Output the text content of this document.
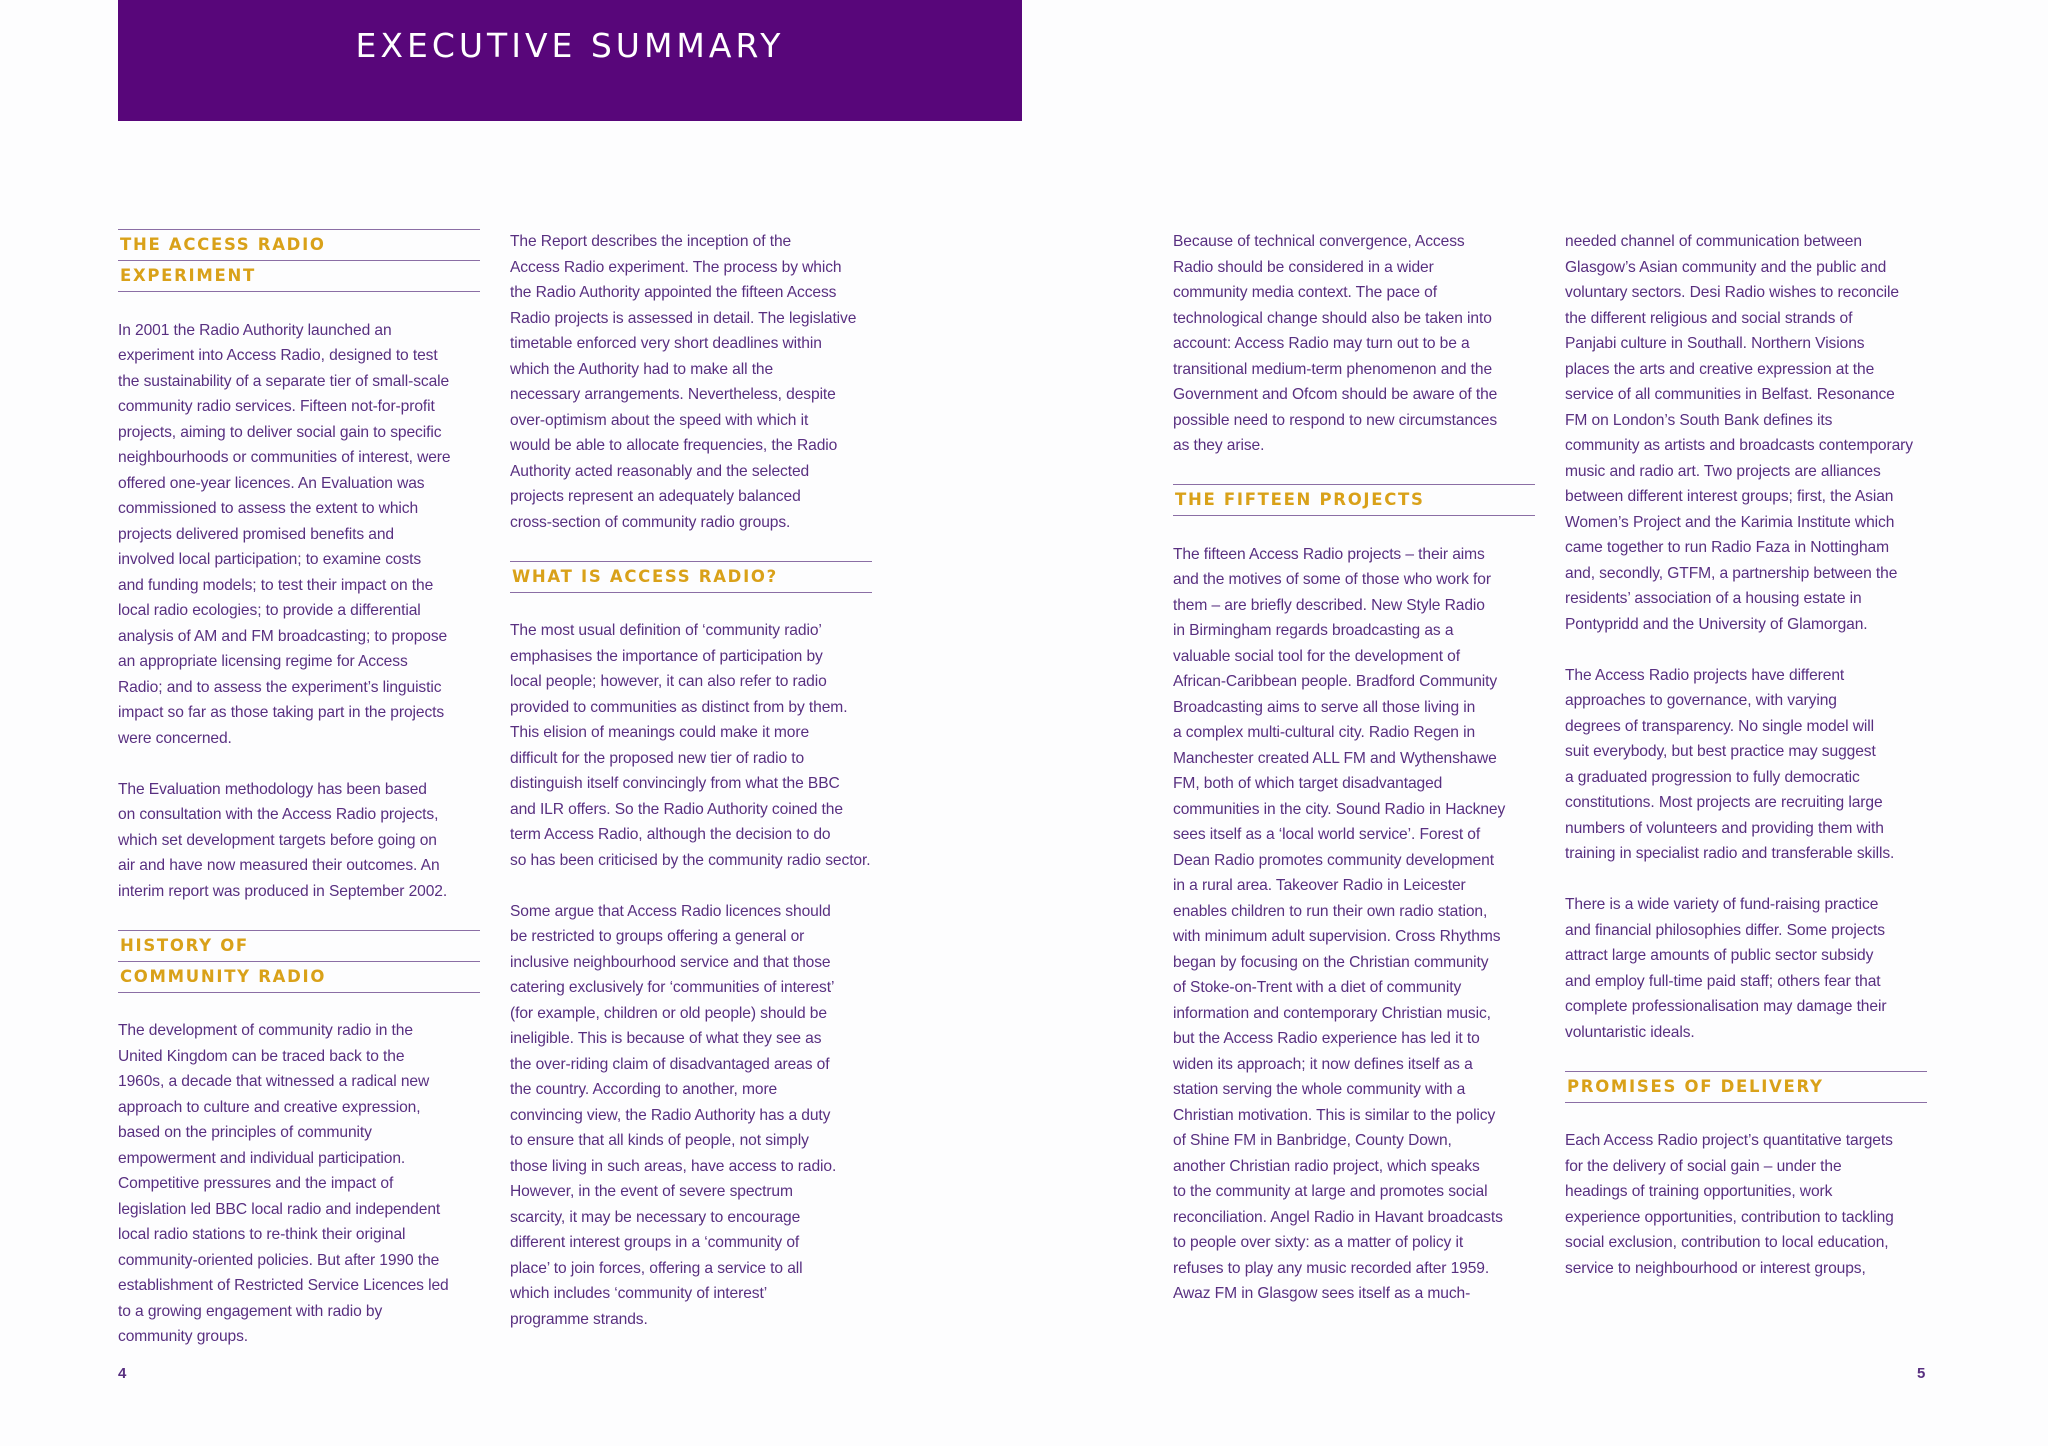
EXECUTIVE SUMMARY
THE ACCESS RADIO
EXPERIMENT

In 2001 the Radio Authority launched an
experiment into Access Radio, designed to test
the sustainability of a separate tier of small-scale
community radio services. Fifteen not-for-profit
projects, aiming to deliver social gain to specific
neighbourhoods or communities of interest, were
offered one-year licences. An Evaluation was
commissioned to assess the extent to which
projects delivered promised benefits and
involved local participation; to examine costs
and funding models; to test their impact on the
local radio ecologies; to provide a differential
analysis of AM and FM broadcasting; to propose
an appropriate licensing regime for Access
Radio; and to assess the experiment’s linguistic
impact so far as those taking part in the projects
were concerned.

The Evaluation methodology has been based
on consultation with the Access Radio projects,
which set development targets before going on
air and have now measured their outcomes. An
interim report was produced in September 2002.

HISTORY OF
COMMUNITY RADIO

The development of community radio in the
United Kingdom can be traced back to the
1960s, a decade that witnessed a radical new
approach to culture and creative expression,
based on the principles of community
empowerment and individual participation.
Competitive pressures and the impact of
legislation led BBC local radio and independent
local radio stations to re-think their original
community-oriented policies. But after 1990 the
establishment of Restricted Service Licences led
to a growing engagement with radio by
community groups.

The Report describes the inception of the
Access Radio experiment. The process by which
the Radio Authority appointed the fifteen Access
Radio projects is assessed in detail. The legislative
timetable enforced very short deadlines within
which the Authority had to make all the
necessary arrangements. Nevertheless, despite
over-optimism about the speed with which it
would be able to allocate frequencies, the Radio
Authority acted reasonably and the selected
projects represent an adequately balanced
cross-section of community radio groups.

WHAT IS ACCESS RADIO?

The most usual definition of ‘community radio’
emphasises the importance of participation by
local people; however, it can also refer to radio
provided to communities as distinct from by them.
This elision of meanings could make it more
difficult for the proposed new tier of radio to
distinguish itself convincingly from what the BBC
and ILR offers. So the Radio Authority coined the
term Access Radio, although the decision to do
so has been criticised by the community radio sector.

Some argue that Access Radio licences should
be restricted to groups offering a general or
inclusive neighbourhood service and that those
catering exclusively for ‘communities of interest’
(for example, children or old people) should be
ineligible. This is because of what they see as
the over-riding claim of disadvantaged areas of
the country. According to another, more
convincing view, the Radio Authority has a duty
to ensure that all kinds of people, not simply
those living in such areas, have access to radio.
However, in the event of severe spectrum
scarcity, it may be necessary to encourage
different interest groups in a ‘community of
place’ to join forces, offering a service to all
which includes ‘community of interest’
programme strands.

Because of technical convergence, Access
Radio should be considered in a wider
community media context. The pace of
technological change should also be taken into
account: Access Radio may turn out to be a
transitional medium-term phenomenon and the
Government and Ofcom should be aware of the
possible need to respond to new circumstances
as they arise.

THE FIFTEEN PROJECTS

The fifteen Access Radio projects – their aims
and the motives of some of those who work for
them – are briefly described. New Style Radio
in Birmingham regards broadcasting as a
valuable social tool for the development of
African-Caribbean people. Bradford Community
Broadcasting aims to serve all those living in
a complex multi-cultural city. Radio Regen in
Manchester created ALL FM and Wythenshawe
FM, both of which target disadvantaged
communities in the city. Sound Radio in Hackney
sees itself as a ‘local world service’. Forest of
Dean Radio promotes community development
in a rural area. Takeover Radio in Leicester
enables children to run their own radio station,
with minimum adult supervision. Cross Rhythms
began by focusing on the Christian community
of Stoke-on-Trent with a diet of community
information and contemporary Christian music,
but the Access Radio experience has led it to
widen its approach; it now defines itself as a
station serving the whole community with a
Christian motivation. This is similar to the policy
of Shine FM in Banbridge, County Down,
another Christian radio project, which speaks
to the community at large and promotes social
reconciliation. Angel Radio in Havant broadcasts
to people over sixty: as a matter of policy it
refuses to play any music recorded after 1959.
Awaz FM in Glasgow sees itself as a much-

needed channel of communication between
Glasgow’s Asian community and the public and
voluntary sectors. Desi Radio wishes to reconcile
the different religious and social strands of
Panjabi culture in Southall. Northern Visions
places the arts and creative expression at the
service of all communities in Belfast. Resonance
FM on London’s South Bank defines its
community as artists and broadcasts contemporary
music and radio art. Two projects are alliances
between different interest groups; first, the Asian
Women’s Project and the Karimia Institute which
came together to run Radio Faza in Nottingham
and, secondly, GTFM, a partnership between the
residents’ association of a housing estate in
Pontypridd and the University of Glamorgan.

The Access Radio projects have different
approaches to governance, with varying
degrees of transparency. No single model will
suit everybody, but best practice may suggest
a graduated progression to fully democratic
constitutions. Most projects are recruiting large
numbers of volunteers and providing them with
training in specialist radio and transferable skills.

There is a wide variety of fund-raising practice
and financial philosophies differ. Some projects
attract large amounts of public sector subsidy
and employ full-time paid staff; others fear that
complete professionalisation may damage their
voluntaristic ideals.

PROMISES OF DELIVERY

Each Access Radio project’s quantitative targets
for the delivery of social gain – under the
headings of training opportunities, work
experience opportunities, contribution to tackling
social exclusion, contribution to local education,
service to neighbourhood or interest groups,

4	5
